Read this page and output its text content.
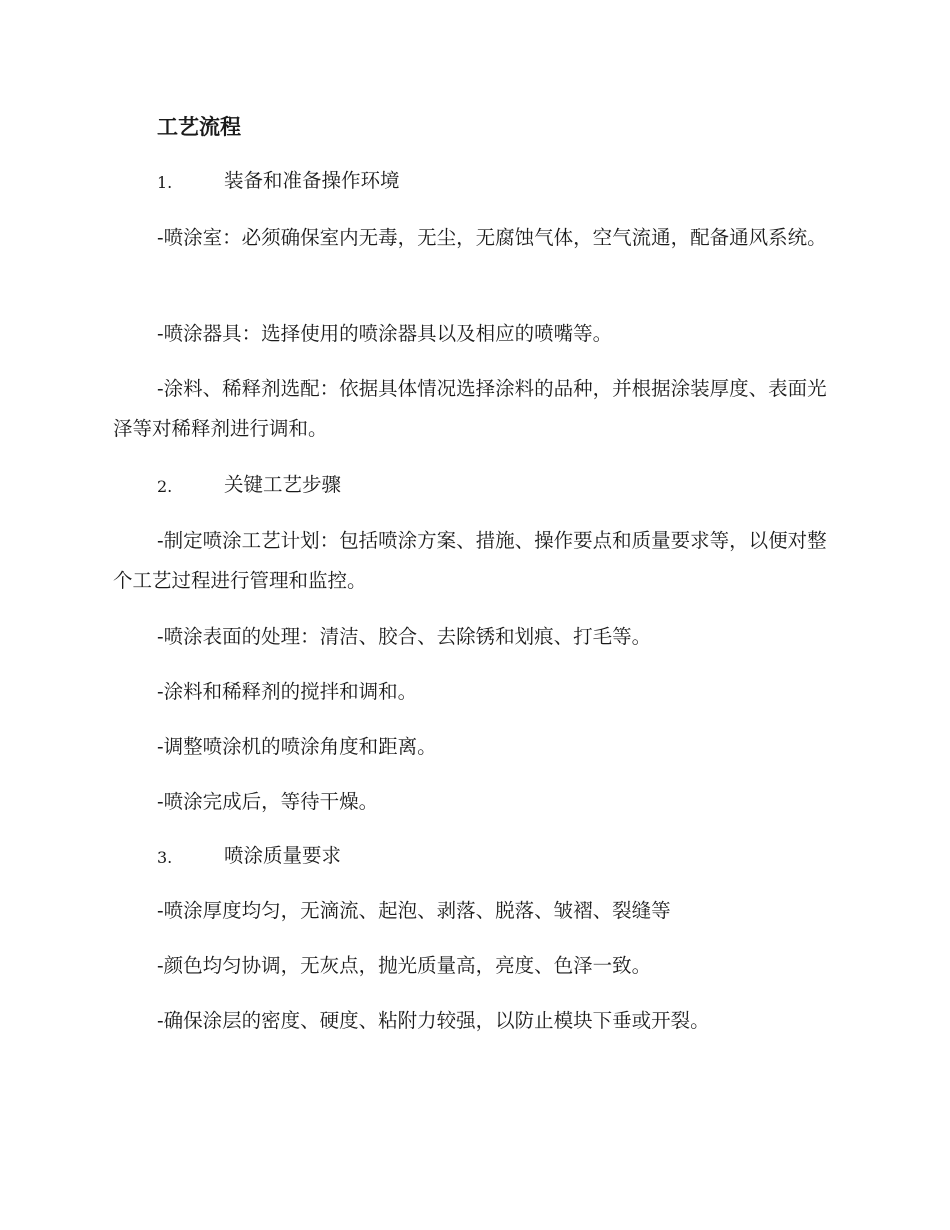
工艺流程
1.	装备和准备操作环境
-喷涂室：必须确保室内无毒，无尘，无腐蚀气体，空气流通，配备通风系统。
-喷涂器具：选择使用的喷涂器具以及相应的喷嘴等。
-涂料、稀释剂选配：依据具体情况选择涂料的品种，并根据涂装厚度、表面光泽等对稀释剂进行调和。
2.	关键工艺步骤
-制定喷涂工艺计划：包括喷涂方案、措施、操作要点和质量要求等，以便对整个工艺过程进行管理和监控。
-喷涂表面的处理：清洁、胶合、去除锈和划痕、打毛等。
-涂料和稀释剂的搅拌和调和。
-调整喷涂机的喷涂角度和距离。
-喷涂完成后，等待干燥。
3.	喷涂质量要求
-喷涂厚度均匀，无滴流、起泡、剥落、脱落、皱褶、裂缝等
-颜色均匀协调，无灰点，抛光质量高，亮度、色泽一致。
-确保涂层的密度、硬度、粘附力较强，以防止模块下垂或开裂。
